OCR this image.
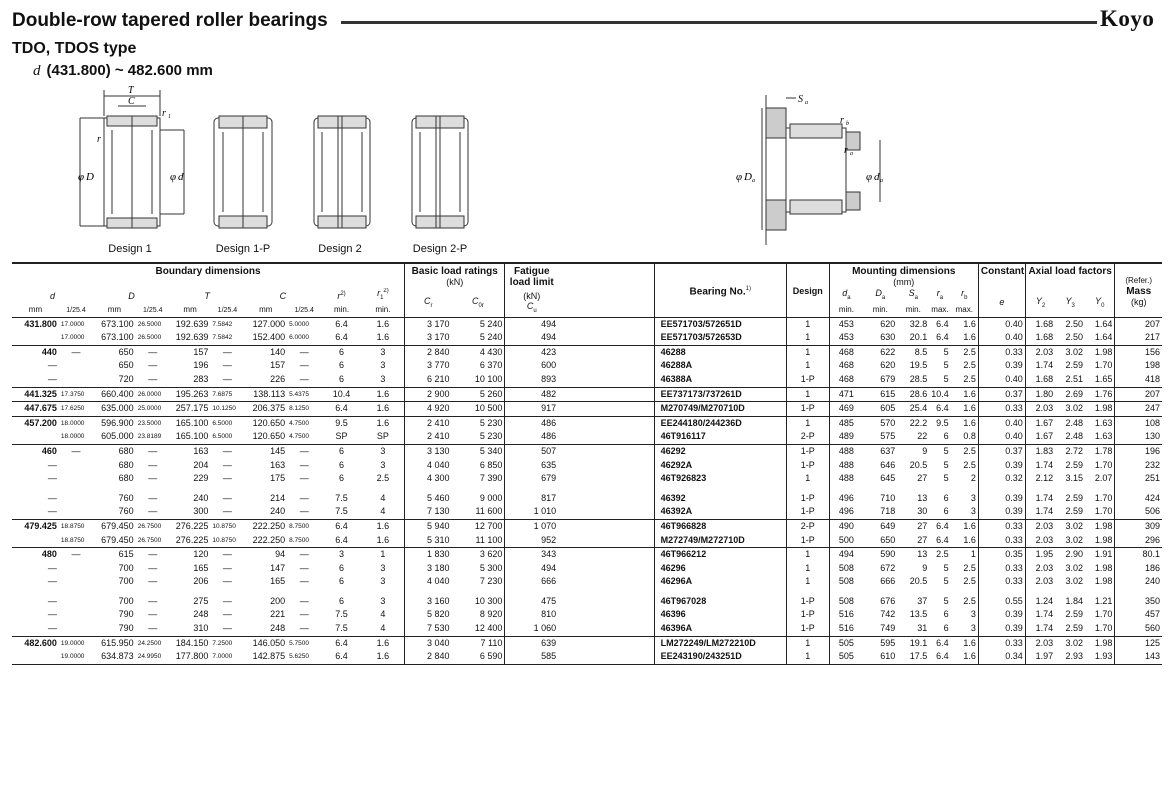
Double-row tapered roller bearings	Koyo
TDO, TDOS type
d (431.800) ~ 482.600 mm
T
C
r 1
r
φ D	φ d
S a
r b
r a
φ D a	φ d a
Design 1	Design 1-P	Design 2	Design 2-P
Boundary dimensions										Basic load ratings
(kN)		Fatigue load limit		Bearing No.$^{1)}$	Design	Mounting dimensions
(mm)					Constant	Axial load factors			(Refer.)
Mass
(kg)
d		D		T		C		$r^{2)}$	$r_1^{2)}$	$C_r$	$C_{0r}$	(kN)				$d_a$	$D_a$	$S_a$	$r_a$	$r_b$	e	$Y_2$	$Y_3$	$Y_0$
mm	1/25.4	mm	1/25.4	mm	1/25.4	mm	1/25.4	min.	min.			$C_u$				min.	min.	min.	max.	max.					
431.800	17.0000	673.100	26.5000	192.639	7.5842	127.000	5.0000	6.4	1.6	3 170	5 240	494		EE571703/572651D	1	453	620	32.8	6.4	1.6	0.40	1.68	2.50	1.64	207
	17.0000	673.100	26.5000	192.639	7.5842	152.400	6.0000	6.4	1.6	3 170	5 240	494		EE571703/572653D	1	453	630	20.1	6.4	1.6	0.40	1.68	2.50	1.64	217
440	—	650	—	157	—	140	—	6	3	2 840	4 430	423		46288	1	468	622	8.5	5	2.5	0.33	2.03	3.02	1.98	156
—		650	—	196	—	157	—	6	3	3 770	6 370	600		46288A	1	468	620	19.5	5	2.5	0.39	1.74	2.59	1.70	198
—		720	—	283	—	226	—	6	3	6 210	10 100	893		46388A	1-P	468	679	28.5	5	2.5	0.40	1.68	2.51	1.65	418
441.325	17.3750	660.400	26.0000	195.263	7.6875	138.113	5.4375	10.4	1.6	2 900	5 260	482		EE737173/737261D	1	471	615	28.6	10.4	1.6	0.37	1.80	2.69	1.76	207
447.675	17.6250	635.000	25.0000	257.175	10.1250	206.375	8.1250	6.4	1.6	4 920	10 500	917		M270749/M270710D	1-P	469	605	25.4	6.4	1.6	0.33	2.03	3.02	1.98	247
457.200	18.0000	596.900	23.5000	165.100	6.5000	120.650	4.7500	9.5	1.6	2 410	5 230	486		EE244180/244236D	1	485	570	22.2	9.5	1.6	0.40	1.67	2.48	1.63	108
	18.0000	605.000	23.8189	165.100	6.5000	120.650	4.7500	SP	SP	2 410	5 230	486		46T916117	2-P	489	575	22	6	0.8	0.40	1.67	2.48	1.63	130
460	—	680	—	163	—	145	—	6	3	3 130	5 340	507		46292	1-P	488	637	9	5	2.5	0.37	1.83	2.72	1.78	196
—		680	—	204	—	163	—	6	3	4 040	6 850	635		46292A	1-P	488	646	20.5	5	2.5	0.39	1.74	2.59	1.70	232
—		680	—	229	—	175	—	6	2.5	4 300	7 390	679		46T926823	1	488	645	27	5	2	0.32	2.12	3.15	2.07	251

—		760	—	240	—	214	—	7.5	4	5 460	9 000	817		46392	1-P	496	710	13	6	3	0.39	1.74	2.59	1.70	424
—		760	—	300	—	240	—	7.5	4	7 130	11 600	1 010		46392A	1-P	496	718	30	6	3	0.39	1.74	2.59	1.70	506
479.425	18.8750	679.450	26.7500	276.225	10.8750	222.250	8.7500	6.4	1.6	5 940	12 700	1 070		46T966828	2-P	490	649	27	6.4	1.6	0.33	2.03	3.02	1.98	309
	18.8750	679.450	26.7500	276.225	10.8750	222.250	8.7500	6.4	1.6	5 310	11 100	952		M272749/M272710D	1-P	500	650	27	6.4	1.6	0.33	2.03	3.02	1.98	296
480	—	615	—	120	—	94	—	3	1	1 830	3 620	343		46T966212	1	494	590	13	2.5	1	0.35	1.95	2.90	1.91	80.1
—		700	—	165	—	147	—	6	3	3 180	5 300	494		46296	1	508	672	9	5	2.5	0.33	2.03	3.02	1.98	186
—		700	—	206	—	165	—	6	3	4 040	7 230	666		46296A	1	508	666	20.5	5	2.5	0.33	2.03	3.02	1.98	240

—		700	—	275	—	200	—	6	3	3 160	10 300	475		46T967028	1-P	508	676	37	5	2.5	0.55	1.24	1.84	1.21	350
—		790	—	248	—	221	—	7.5	4	5 820	8 920	810		46396	1-P	516	742	13.5	6	3	0.39	1.74	2.59	1.70	457
—		790	—	310	—	248	—	7.5	4	7 530	12 400	1 060		46396A	1-P	516	749	31	6	3	0.39	1.74	2.59	1.70	560
482.600	19.0000	615.950	24.2500	184.150	7.2500	146.050	5.7500	6.4	1.6	3 040	7 110	639		LM272249/LM272210D	1	505	595	19.1	6.4	1.6	0.33	2.03	3.02	1.98	125
	19.0000	634.873	24.9950	177.800	7.0000	142.875	5.6250	6.4	1.6	2 840	6 590	585		EE243190/243251D	1	505	610	17.5	6.4	1.6	0.34	1.97	2.93	1.93	143
